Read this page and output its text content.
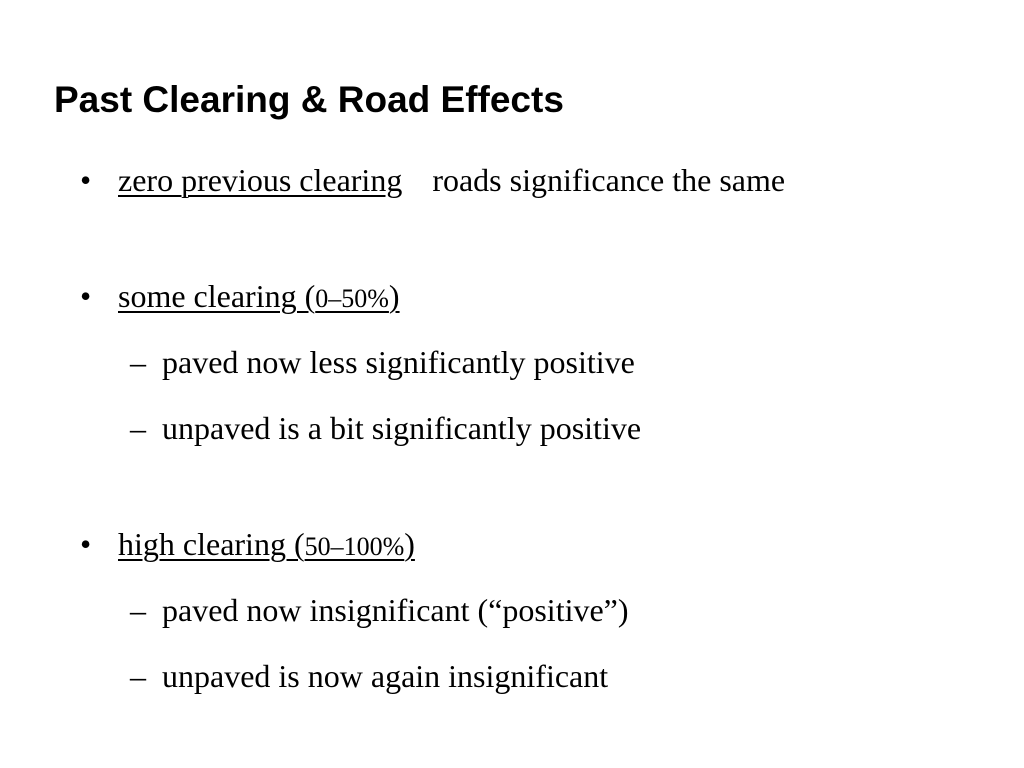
Past Clearing & Road Effects
• zero previous clearing roads significance the same
• some clearing (0–50%)
– paved now less significantly positive
– unpaved is a bit significantly positive
• high clearing (50–100%)
– paved now insignificant (“positive”)
– unpaved is now again insignificant
